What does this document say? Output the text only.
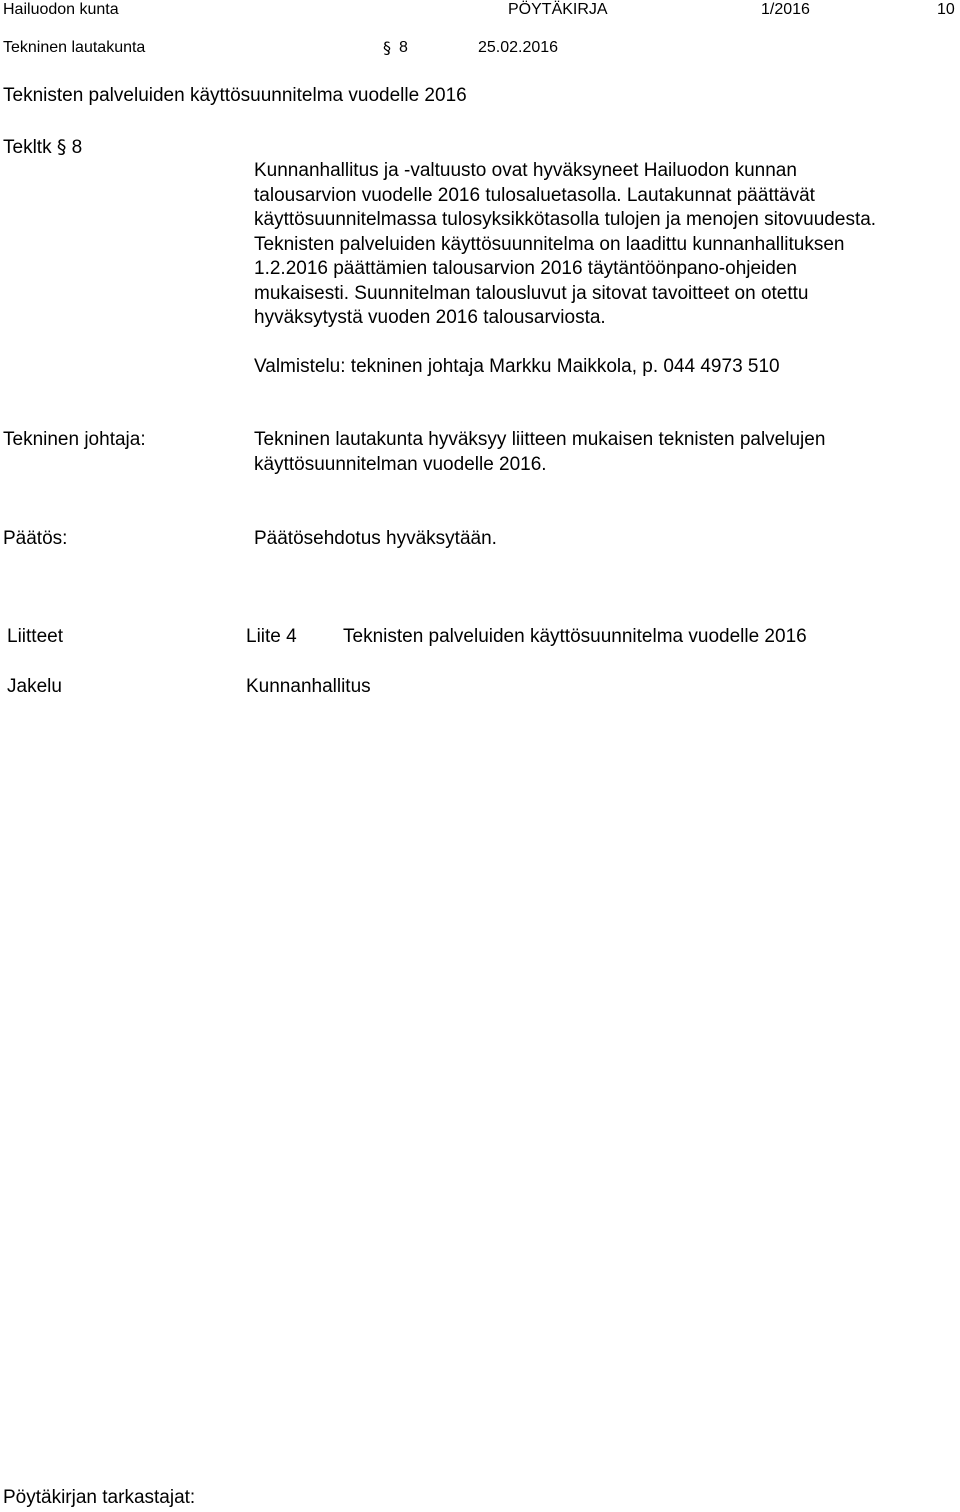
Hailuodon kunta	PÖYTÄKIRJA	1/2016	10
Tekninen lautakunta	§ 8	25.02.2016
Teknisten palveluiden käyttösuunnitelma vuodelle 2016
Tekltk § 8
Kunnanhallitus ja -valtuusto ovat hyväksyneet Hailuodon kunnan
talousarvion vuodelle 2016 tulosaluetasolla. Lautakunnat päättävät
käyttösuunnitelmassa tulosyksikkötasolla tulojen ja menojen sitovuudesta.
Teknisten palveluiden käyttösuunnitelma on laadittu kunnanhallituksen
1.2.2016 päättämien talousarvion 2016 täytäntöönpano-ohjeiden
mukaisesti. Suunnitelman talousluvut ja sitovat tavoitteet on otettu
hyväksytystä vuoden 2016 talousarviosta.
Valmistelu: tekninen johtaja Markku Maikkola, p. 044 4973 510
Tekninen johtaja:	Tekninen lautakunta hyväksyy liitteen mukaisen teknisten palvelujen
käyttösuunnitelman vuodelle 2016.
Päätös:	Päätösehdotus hyväksytään.
Liitteet	Liite 4 Teknisten palveluiden käyttösuunnitelma vuodelle 2016
Jakelu	Kunnanhallitus
Pöytäkirjan tarkastajat:
